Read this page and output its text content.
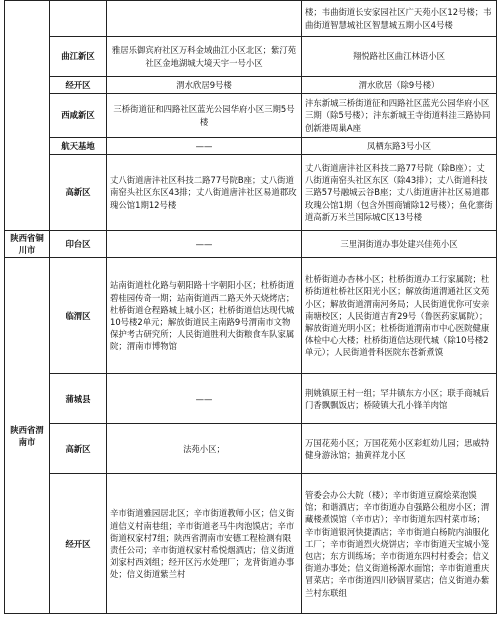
			楼；韦曲街道长安家园社区广天苑小区12号楼；韦曲街道智慧城社区智慧城五期小区4号楼
	曲江新区	雅居乐御宾府社区万科金域曲江小区北区；紫汀苑社区金地湖城大境天宇一号小区	翔悦路社区曲江林语小区
	经开区	渭水欣居9号楼	渭水欣居（除9号楼）
	西咸新区	三桥街道征和四路社区蓝光公园华府小区三期5号楼	沣东新城三桥街道征和四路社区蓝光公园华府小区三期（除5号楼）；沣东新城王寺街道料洼三路协同创新港周巢A座
	航天基地	——	凤栖东路3号小区
	高新区	丈八街道唐沣社区科技二路77号院B座；丈八街道南窑头社区东区43排；丈八街道唐沣社区易道郡玫瑰公馆1期12号楼	丈八街道唐沣社区科技二路77号院（除B座）；丈八街道南窑头社区东区（除43排）；丈八街道科技三路57号融城云谷B座；丈八街道唐沣社区易道郡玫瑰公馆1期（包含外围商铺除12号楼）；鱼化寨街道高新万米兰国际城C区13号楼
陕西省铜川市	印台区	——	三里洞街道办事处建兴佳苑小区
陕西省渭南市	临渭区	站南街道杜化路与朝阳路十字朝阳小区；杜桥街道碧桂园传奇一期；站南街道西二路天外天烧烤店；杜桥街道仓程路城上城小区；杜桥街道信达现代城10号楼2单元；解放街道民主南路9号渭南市文物保护考古研究所；人民街道胜利大街粮食车队家属院；渭南市博物馆	杜桥街道办杏林小区；杜桥街道办工行家属院；杜桥街道杜桥社区阳光小区；解放街道渭通社区文苑小区；解放街道渭南河务局；人民街道优你可安亲南塘校区；人民街道吉育29号（鲁医药家属院）；解放街道光明小区；杜桥街道渭南市中心医院健康体检中心大楼；杜桥街道信达现代城（除10号楼2单元）；人民街道骨科医院东苍新煮馍
	蒲城县	——	荆姚镇原王村一组；罕井镇东方小区；联手商城后门香飘飘饭店；桥陵镇大孔小锋羊肉馆
	高新区	法苑小区；	万国花苑小区；万国花苑小区彩虹幼儿园；思威特健身游泳馆；抽黄祥龙小区
	经开区	辛市街道雅园居北区；辛市街道教师小区；信义街道信义村南巷组；辛市街道老马牛肉泡馍店；辛市街道权家村7组；陕西省渭南市安德工程检测有限责任公司；辛市街道权家村希悦烟酒店；信义街道刘家村西刘组；经开区污水处理厂；龙背街道办事处；信义街道紫兰村	管委会办公大院（楼）；辛市街道豆腐烩菜泡馍馆；和谐酒店；辛市街道办自强路公租房小区；渭藏楼煮馍馆（辛市店）；辛市街道东四村菜市场；辛市街道银河快捷酒店；辛市街道白杨院内油服化工厂；辛市街道烈火烧饼店；辛市街道天宝城小笼包店；东方训练场；辛市街道东四村村委会；信义街道办事处；信义街道杨源水面馆；辛市街道重庆冒菜店；辛市街道四川砂锅冒菜店；信义街道办紫兰村东联组
